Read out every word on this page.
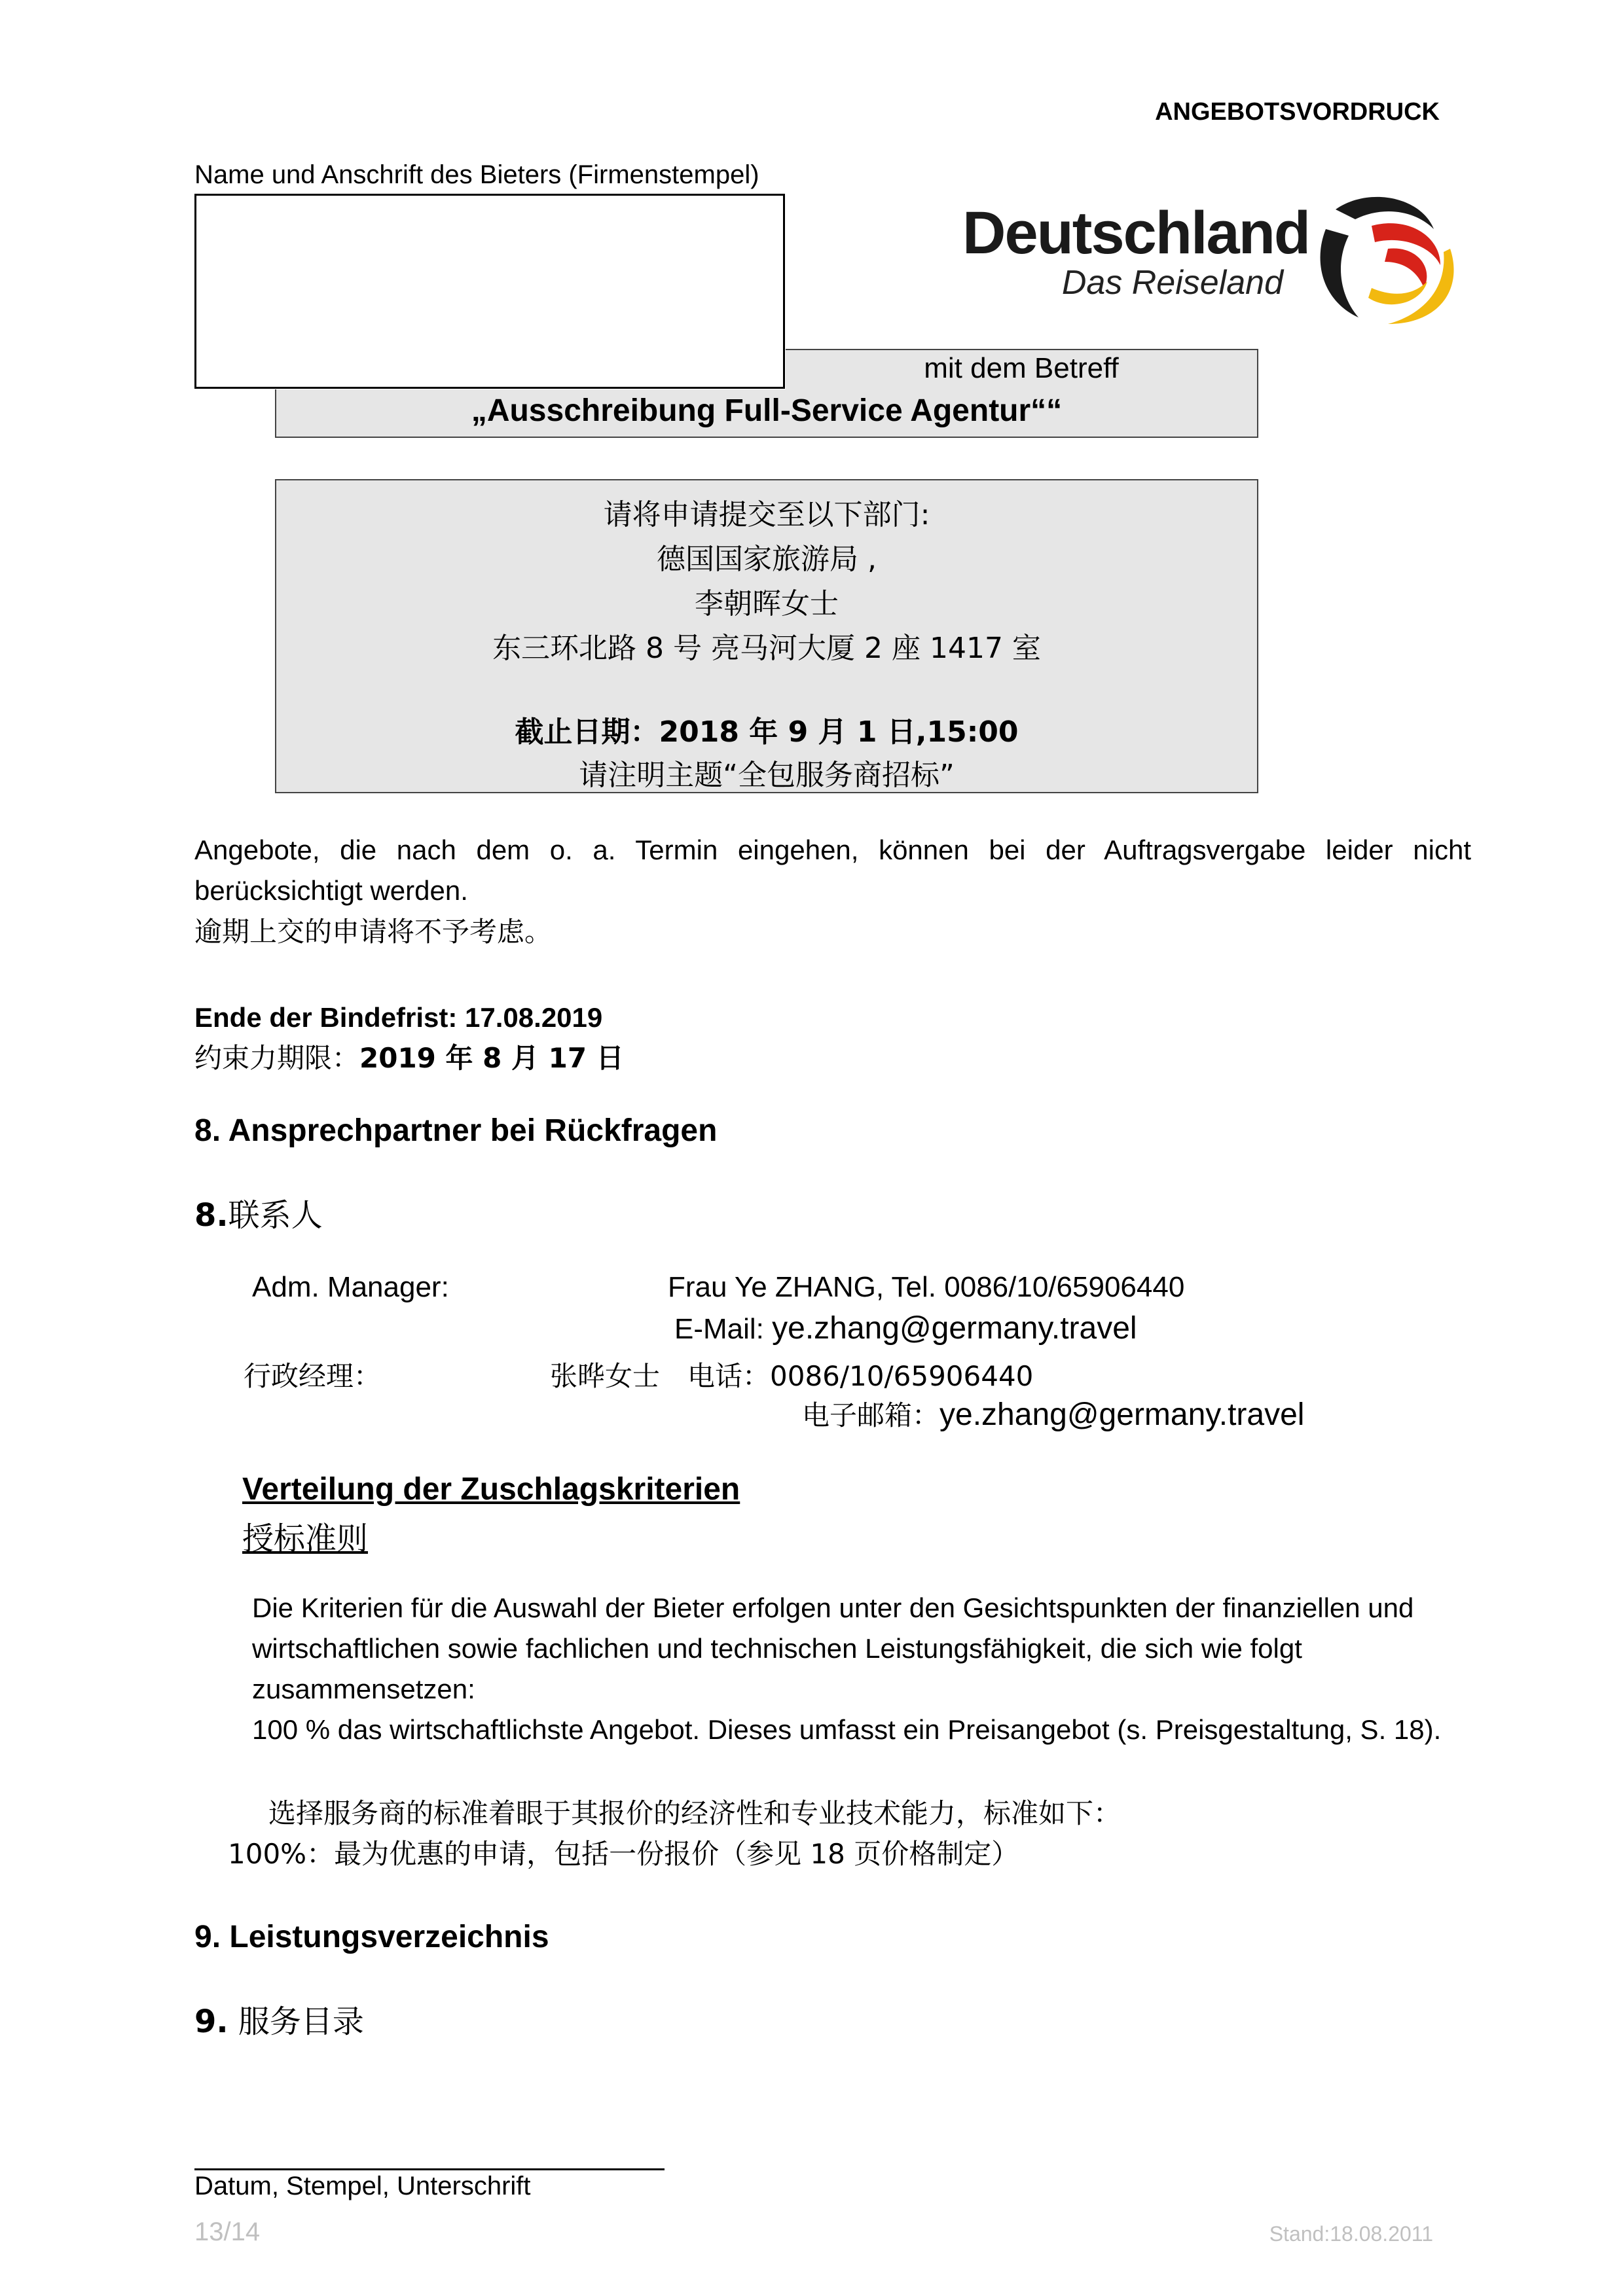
ANGEBOTSVORDRUCK
Name und Anschrift des Bieters (Firmenstempel)
mit dem Betreff
„Ausschreibung Full-Service Agentur““
Deutschland
Das Reiseland
请将申请提交至以下部门:
德国国家旅游局 ,
李朝晖女士
东三环北路 8 号 亮马河大厦 2 座 1417 室
截止日期：2018 年 9 月 1 日,15:00
请注明主题“全包服务商招标”
Angebote, die nach dem o. a. Termin eingehen, können bei der Auftragsvergabe leider nicht berücksichtigt werden.
逾期上交的申请将不予考虑。
Ende der Bindefrist: 17.08.2019
约束力期限：2019 年 8 月 17 日
8. Ansprechpartner bei Rückfragen
8.联系人
Adm. Manager:	Frau Ye ZHANG, Tel. 0086/10/65906440
E-Mail: ye.zhang@germany.travel
行政经理：	张晔女士　电话：0086/10/65906440
电子邮箱：ye.zhang@germany.travel
Verteilung der Zuschlagskriterien
授标准则
Die Kriterien für die Auswahl der Bieter erfolgen unter den Gesichtspunkten der finanziellen und wirtschaftlichen sowie fachlichen und technischen Leistungsfähigkeit, die sich wie folgt zusammensetzen:
100 % das wirtschaftlichste Angebot. Dieses umfasst ein Preisangebot (s. Preisgestaltung, S. 18).
选择服务商的标准着眼于其报价的经济性和专业技术能力，标准如下：
100%：最为优惠的申请，包括一份报价（参见 18 页价格制定）
9. Leistungsverzeichnis
9. 服务目录
Datum, Stempel, Unterschrift
13/14	Stand:18.08.2011
